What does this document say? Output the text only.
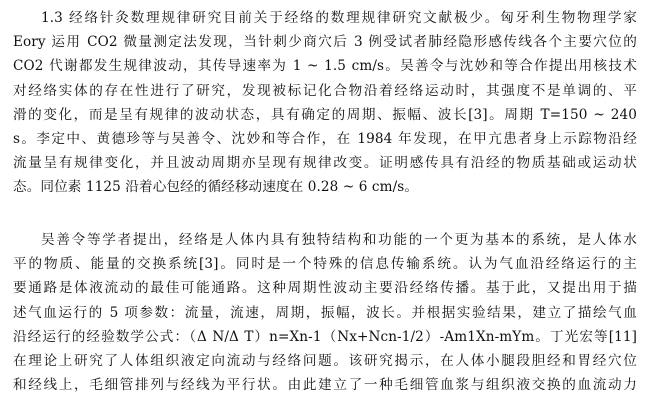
1.3 经络针灸数理规律研究目前关于经络的数理规律研究文献极少。匈牙利生物物理学家
Eory 运用 CO2 微量测定法发现，当针刺少商穴后 3 例受试者肺经隐形感传线各个主要穴位的
CO2 代谢都发生规律波动，其传导速率为 1 ~ 1.5 cm/s。吴善令与沈妙和等合作提出用核技术
对经络实体的存在性进行了研究，发现被标记化合物沿着经络运动时，其强度不是单调的、平
滑的变化，而是呈有规律的波动状态，具有确定的周期、振幅、波长[3]。周期 T=150 ~ 240
s。李定中、黄德珍等与吴善令、沈妙和等合作，在 1984 年发现，在甲亢患者身上示踪物沿经
流量呈有规律变化，并且波动周期亦呈现有规律改变。证明感传具有沿经的物质基础或运动状
态。同位素 1125 沿着心包经的循经移动速度在 0.28 ~ 6 cm/s。
吴善令等学者提出，经络是人体内具有独特结构和功能的一个更为基本的系统，是人体水
平的物质、能量的交换系统[3]。同时是一个特殊的信息传输系统。认为气血沿经络运行的主
要通路是体液流动的最佳可能通路。这种周期性波动主要沿经络传播。基于此，又提出用于描
述气血运行的 5 项参数：流量，流速，周期，振幅，波长。并根据实验结果，建立了描绘气血
沿经运行的经验数学公式：（Δ N/Δ T）n=Xn-1（Nx+Ncn-1/2）-Am1Xn-mYm。丁光宏等[11]
在理论上研究了人体组织液定向流动与经络问题。该研究揭示，在人体小腿段胆经和胃经穴位
和经线上，毛细管排列与经线为平行状。由此建立了一种毛细管血浆与组织液交换的血流动力
